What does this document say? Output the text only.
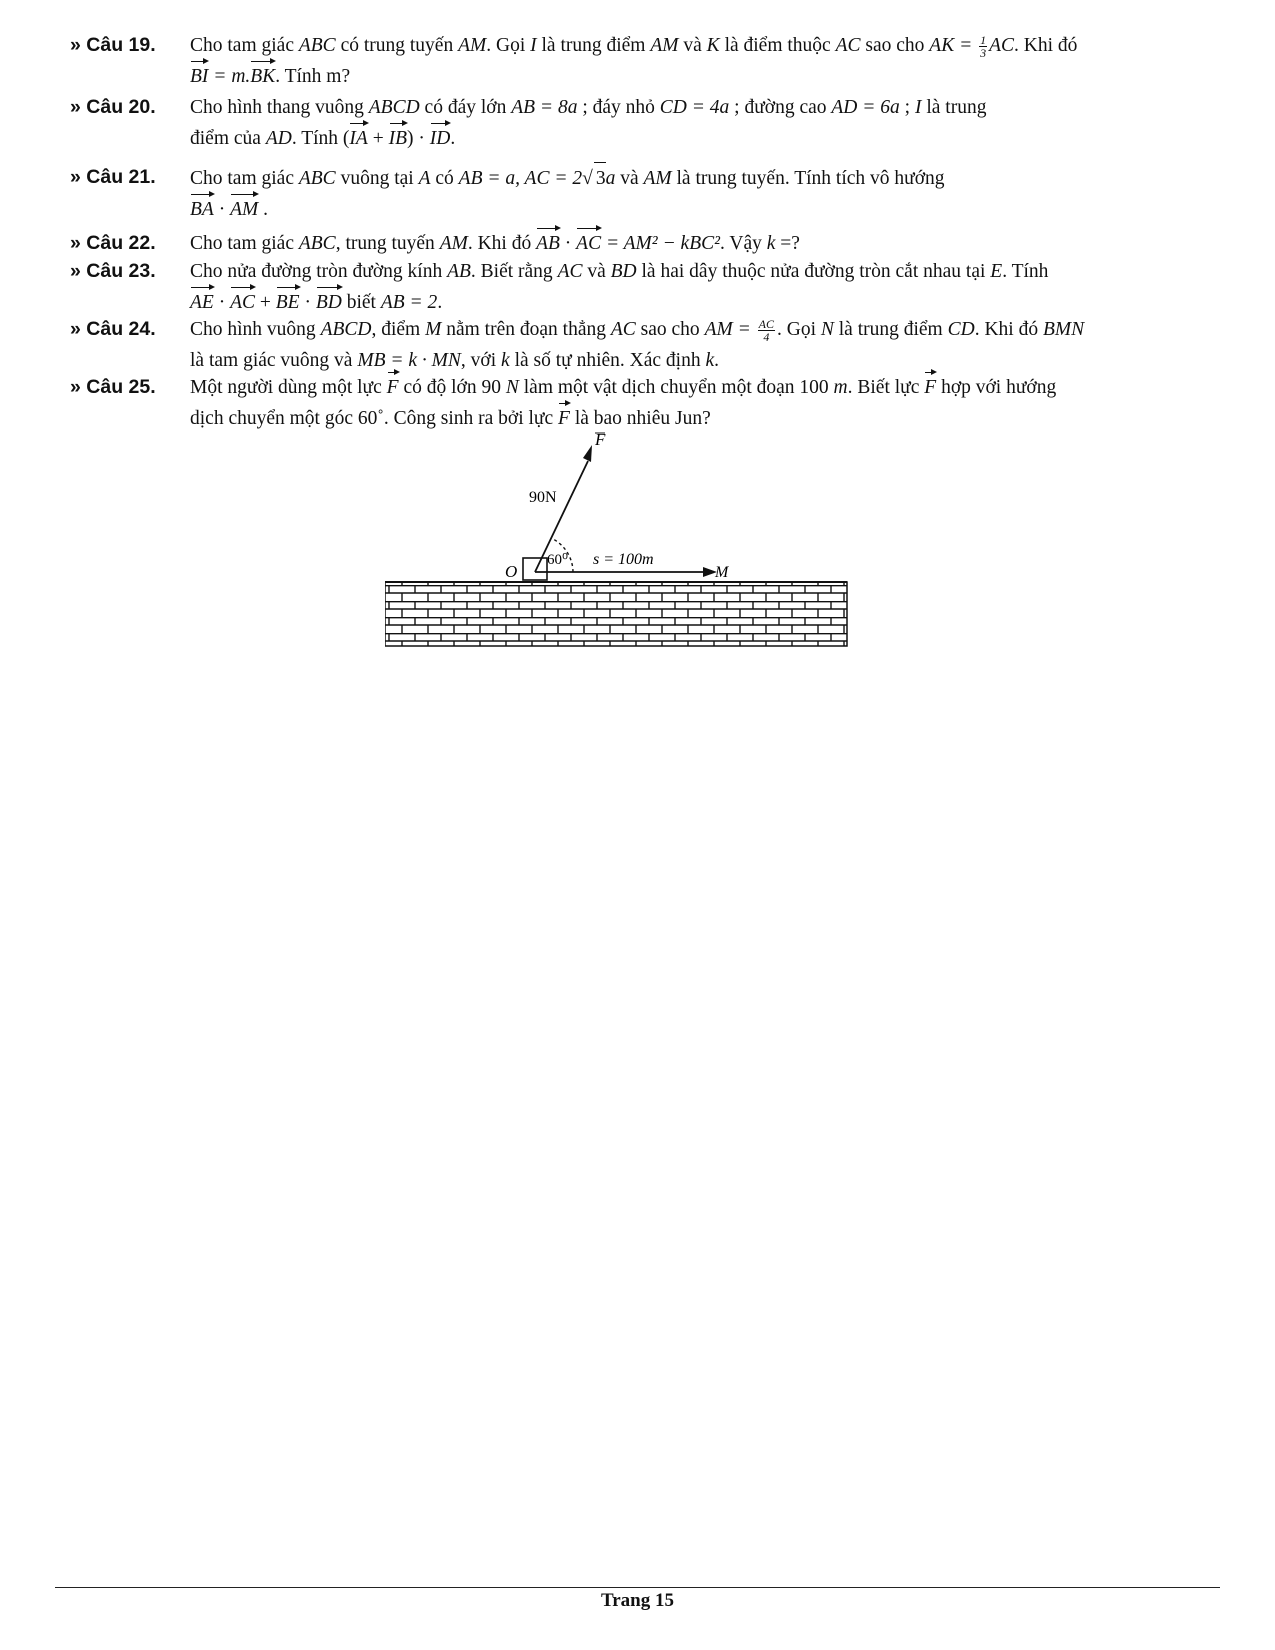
» Câu 19. Cho tam giác ABC có trung tuyến AM. Gọi I là trung điểm AM và K là điểm thuộc AC sao cho AK = $\frac{1}{3}$ AC. Khi đó
BI = m.BK. Tính m?
» Câu 20. Cho hình thang vuông ABCD có đáy lớn AB = 8a ; đáy nhỏ CD = 4a ; đường cao AD = 6a ; I là trung
điểm của AD. Tính (IA + IB) · ID.
» Câu 21. Cho tam giác ABC vuông tại A có AB = a, AC = 2√ 3a và AM là trung tuyến. Tính tích vô hướng
BA · AM .
» Câu 22. Cho tam giác ABC, trung tuyến AM. Khi đó AB · AC = AM² − kBC². Vậy k =?
» Câu 23. Cho nửa đường tròn đường kính AB. Biết rằng AC và BD là hai dây thuộc nửa đường tròn cắt nhau tại E. Tính
AE · AC + BE · BD biết AB = 2.
» Câu 24. Cho hình vuông ABCD, điểm M nằm trên đoạn thẳng AC sao cho AM = $\frac{AC}{4}$ . Gọi N là trung điểm CD. Khi đó BMN
là tam giác vuông và MB = k · MN, với k là số tự nhiên. Xác định k.
» Câu 25. Một người dùng một lực F có độ lớn 90 N làm một vật dịch chuyển một đoạn 100 m. Biết lực F hợp với hướng
dịch chuyển một góc 60˚. Công sinh ra bởi lực F là bao nhiêu Jun?
F
90N
60⁰ s = 100m
O	M
Trang 15
